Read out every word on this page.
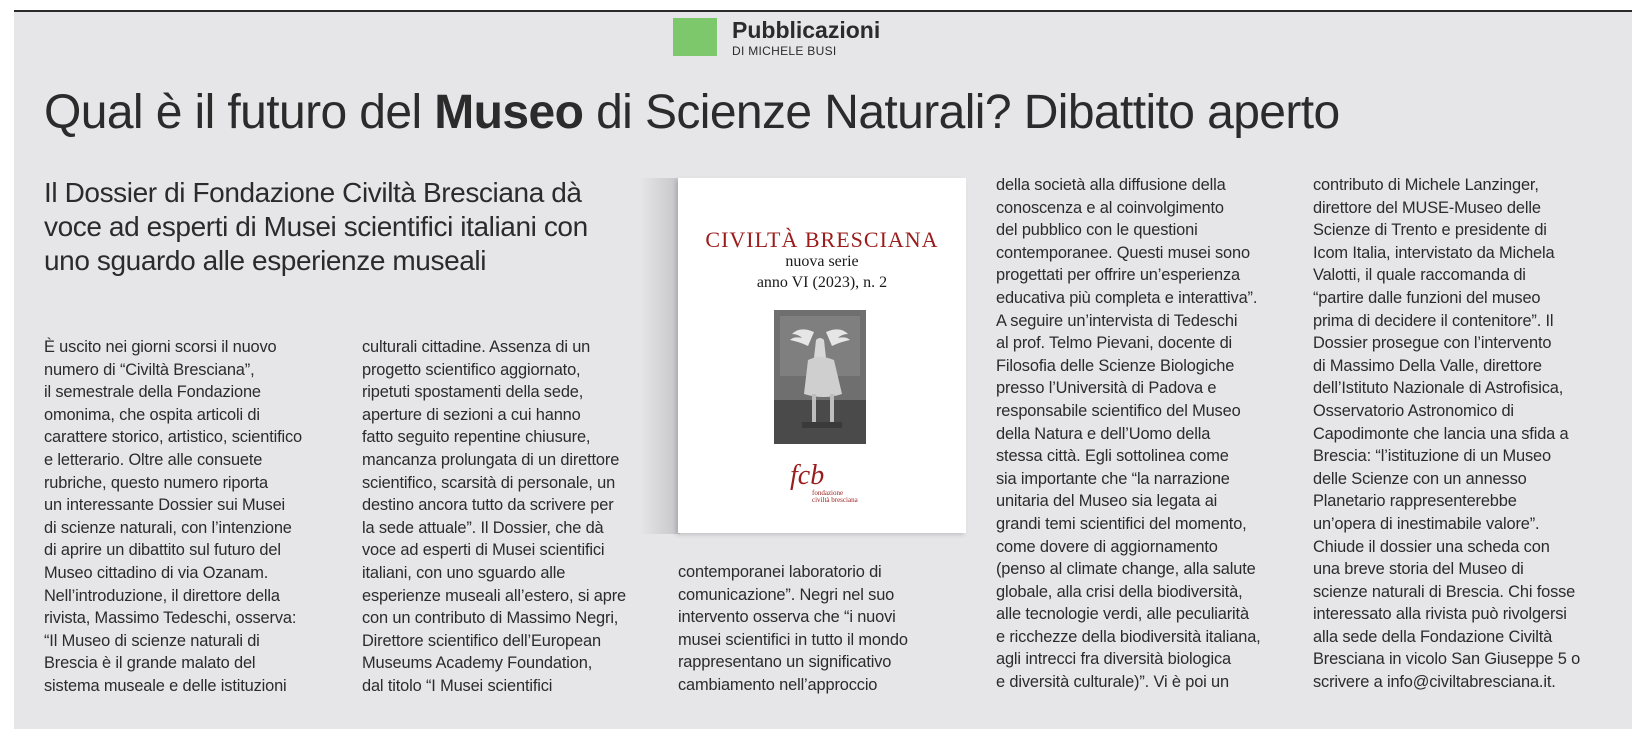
Pubblicazioni
DI MICHELE BUSI
Qual è il futuro del Museo di Scienze Naturali? Dibattito aperto
Il Dossier di Fondazione Civiltà Bresciana dà
voce ad esperti di Musei scientifici italiani con
uno sguardo alle esperienze museali
È uscito nei giorni scorsi il nuovo
numero di “Civiltà Bresciana”,
il semestrale della Fondazione
omonima, che ospita articoli di
carattere storico, artistico, scientifico
e letterario. Oltre alle consuete
rubriche, questo numero riporta
un interessante Dossier sui Musei
di scienze naturali, con l’intenzione
di aprire un dibattito sul futuro del
Museo cittadino di via Ozanam.
Nell’introduzione, il direttore della
rivista, Massimo Tedeschi, osserva:
“Il Museo di scienze naturali di
Brescia è il grande malato del
sistema museale e delle istituzioni
culturali cittadine. Assenza di un
progetto scientifico aggiornato,
ripetuti spostamenti della sede,
aperture di sezioni a cui hanno
fatto seguito repentine chiusure,
mancanza prolungata di un direttore
scientifico, scarsità di personale, un
destino ancora tutto da scrivere per
la sede attuale”. Il Dossier, che dà
voce ad esperti di Musei scientifici
italiani, con uno sguardo alle
esperienze museali all’estero, si apre
con un contributo di Massimo Negri,
Direttore scientifico dell’European
Museums Academy Foundation,
dal titolo “I Musei scientifici
contemporanei laboratorio di
comunicazione”. Negri nel suo
intervento osserva che “i nuovi
musei scientifici in tutto il mondo
rappresentano un significativo
cambiamento nell’approccio
della società alla diffusione della
conoscenza e al coinvolgimento
del pubblico con le questioni
contemporanee. Questi musei sono
progettati per offrire un’esperienza
educativa più completa e interattiva”.
A seguire un’intervista di Tedeschi
al prof. Telmo Pievani, docente di
Filosofia delle Scienze Biologiche
presso l’Università di Padova e
responsabile scientifico del Museo
della Natura e dell’Uomo della
stessa città. Egli sottolinea come
sia importante che “la narrazione
unitaria del Museo sia legata ai
grandi temi scientifici del momento,
come dovere di aggiornamento
(penso al climate change, alla salute
globale, alla crisi della biodiversità,
alle tecnologie verdi, alle peculiarità
e ricchezze della biodiversità italiana,
agli intrecci fra diversità biologica
e diversità culturale)”. Vi è poi un
contributo di Michele Lanzinger,
direttore del MUSE-Museo delle
Scienze di Trento e presidente di
Icom Italia, intervistato da Michela
Valotti, il quale raccomanda di
“partire dalle funzioni del museo
prima di decidere il contenitore”. Il
Dossier prosegue con l’intervento
di Massimo Della Valle, direttore
dell’Istituto Nazionale di Astrofisica,
Osservatorio Astronomico di
Capodimonte che lancia una sfida a
Brescia: “l’istituzione di un Museo
delle Scienze con un annesso
Planetario rappresenterebbe
un’opera di inestimabile valore”.
Chiude il dossier una scheda con
una breve storia del Museo di
scienze naturali di Brescia. Chi fosse
interessato alla rivista può rivolgersi
alla sede della Fondazione Civiltà
Bresciana in vicolo San Giuseppe 5 o
scrivere a info@civiltabresciana.it.
CIVILTÀ BRESCIANA
nuova serie
anno VI (2023), n. 2
fcb
fondazione
civiltà bresciana
